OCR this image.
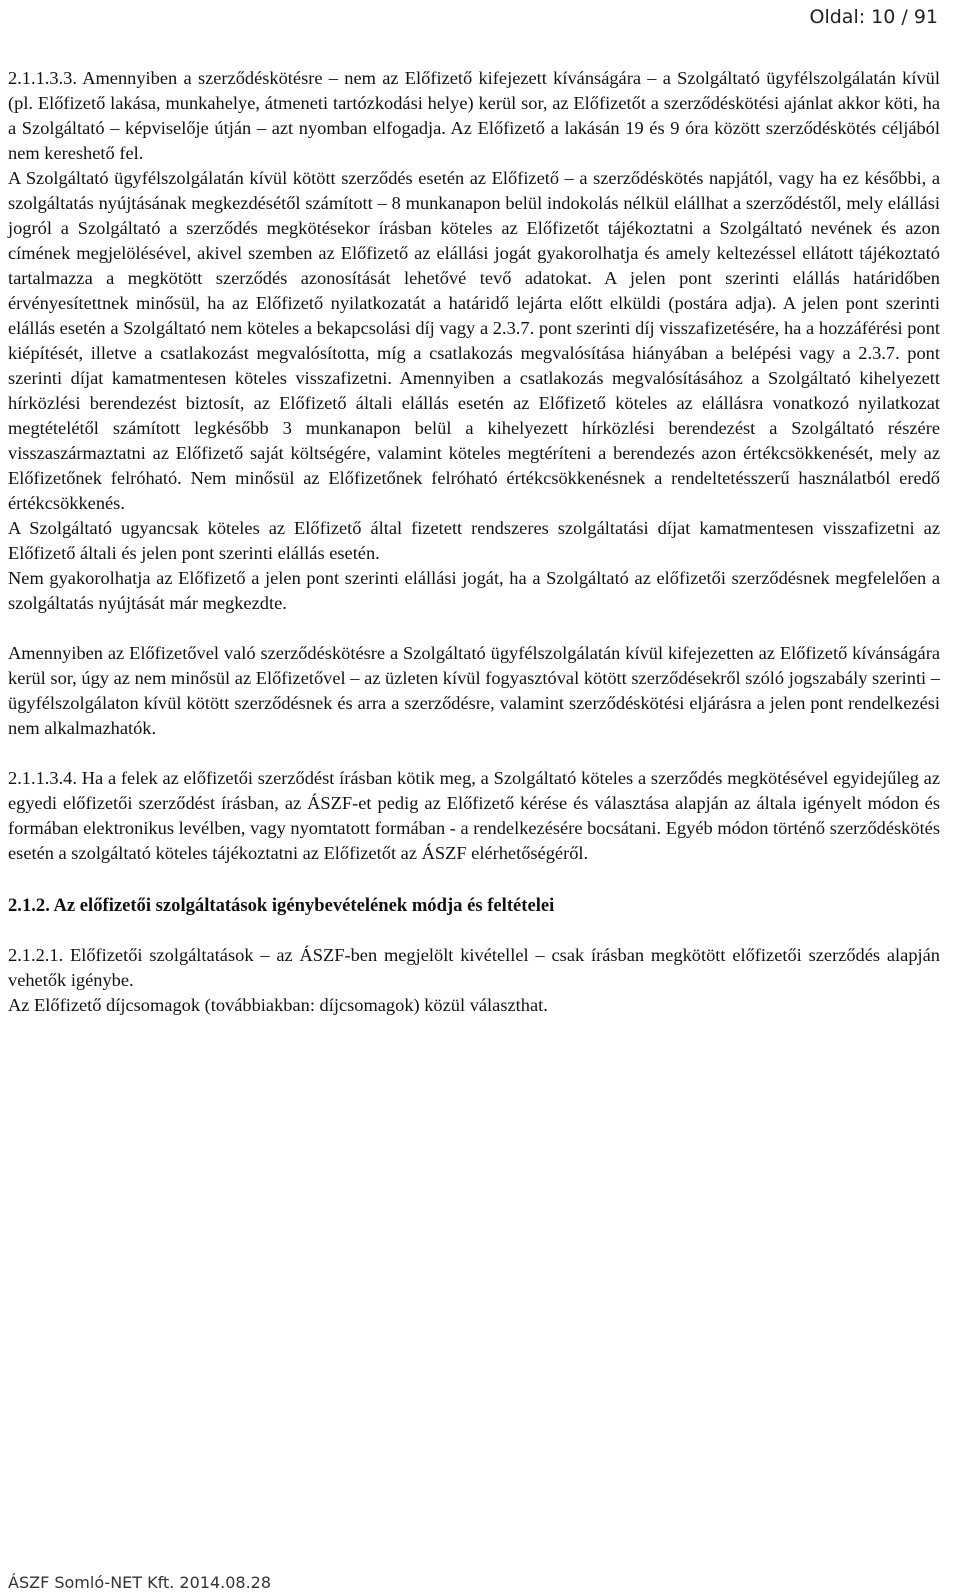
Oldal: 10 / 91

2.1.1.3.3. Amennyiben a szerződéskötésre – nem az Előfizető kifejezett kívánságára – a Szolgáltató ügyfélszolgálatán kívül (pl. Előfizető lakása, munkahelye, átmeneti tartózkodási helye) kerül sor, az Előfizetőt a szerződéskötési ajánlat akkor köti, ha a Szolgáltató – képviselője útján – azt nyomban elfogadja. Az Előfizető a lakásán 19 és 9 óra között szerződéskötés céljából nem kereshető fel.

A Szolgáltató ügyfélszolgálatán kívül kötött szerződés esetén az Előfizető – a szerződéskötés napjától, vagy ha ez későbbi, a szolgáltatás nyújtásának megkezdésétől számított – 8 munkanapon belül indokolás nélkül elállhat a szerződéstől, mely elállási jogról a Szolgáltató a szerződés megkötésekor írásban köteles az Előfizetőt tájékoztatni a Szolgáltató nevének és azon címének megjelölésével, akivel szemben az Előfizető az elállási jogát gyakorolhatja és amely keltezéssel ellátott tájékoztató tartalmazza a megkötött szerződés azonosítását lehetővé tevő adatokat. A jelen pont szerinti elállás határidőben érvényesítettnek minősül, ha az Előfizető nyilatkozatát a határidő lejárta előtt elküldi (postára adja). A jelen pont szerinti elállás esetén a Szolgáltató nem köteles a bekapcsolási díj vagy a 2.3.7. pont szerinti díj visszafizetésére, ha a hozzáférési pont kiépítését, illetve a csatlakozást megvalósította, míg a csatlakozás megvalósítása hiányában a belépési vagy a 2.3.7. pont szerinti díjat kamatmentesen köteles visszafizetni. Amennyiben a csatlakozás megvalósításához a Szolgáltató kihelyezett hírközlési berendezést biztosít, az Előfizető általi elállás esetén az Előfizető köteles az elállásra vonatkozó nyilatkozat megtételétől számított legkésőbb 3 munkanapon belül a kihelyezett hírközlési berendezést a Szolgáltató részére visszaszármaztatni az Előfizető saját költségére, valamint köteles megtéríteni a berendezés azon értékcsökkenését, mely az Előfizetőnek felróható. Nem minősül az Előfizetőnek felróható értékcsökkenésnek a rendeltetésszerű használatból eredő értékcsökkenés.

A Szolgáltató ugyancsak köteles az Előfizető által fizetett rendszeres szolgáltatási díjat kamatmentesen visszafizetni az Előfizető általi és jelen pont szerinti elállás esetén.

Nem gyakorolhatja az Előfizető a jelen pont szerinti elállási jogát, ha a Szolgáltató az előfizetői szerződésnek megfelelően a szolgáltatás nyújtását már megkezdte.

Amennyiben az Előfizetővel való szerződéskötésre a Szolgáltató ügyfélszolgálatán kívül kifejezetten az Előfizető kívánságára kerül sor, úgy az nem minősül az Előfizetővel – az üzleten kívül fogyasztóval kötött szerződésekről szóló jogszabály szerinti – ügyfélszolgálaton kívül kötött szerződésnek és arra a szerződésre, valamint szerződéskötési eljárásra a jelen pont rendelkezési nem alkalmazhatók.

2.1.1.3.4. Ha a felek az előfizetői szerződést írásban kötik meg, a Szolgáltató köteles a szerződés megkötésével egyidejűleg az egyedi előfizetői szerződést írásban, az ÁSZF-et pedig az Előfizető kérése és választása alapján az általa igényelt módon és formában elektronikus levélben, vagy nyomtatott formában - a rendelkezésére bocsátani. Egyéb módon történő szerződéskötés esetén a szolgáltató köteles tájékoztatni az Előfizetőt az ÁSZF elérhetőségéről.

2.1.2. Az előfizetői szolgáltatások igénybevételének módja és feltételei

2.1.2.1. Előfizetői szolgáltatások – az ÁSZF-ben megjelölt kivétellel – csak írásban megkötött előfizetői szerződés alapján vehetők igénybe.

Az Előfizető díjcsomagok (továbbiakban: díjcsomagok) közül választhat.

ÁSZF Somló-NET Kft. 2014.08.28
